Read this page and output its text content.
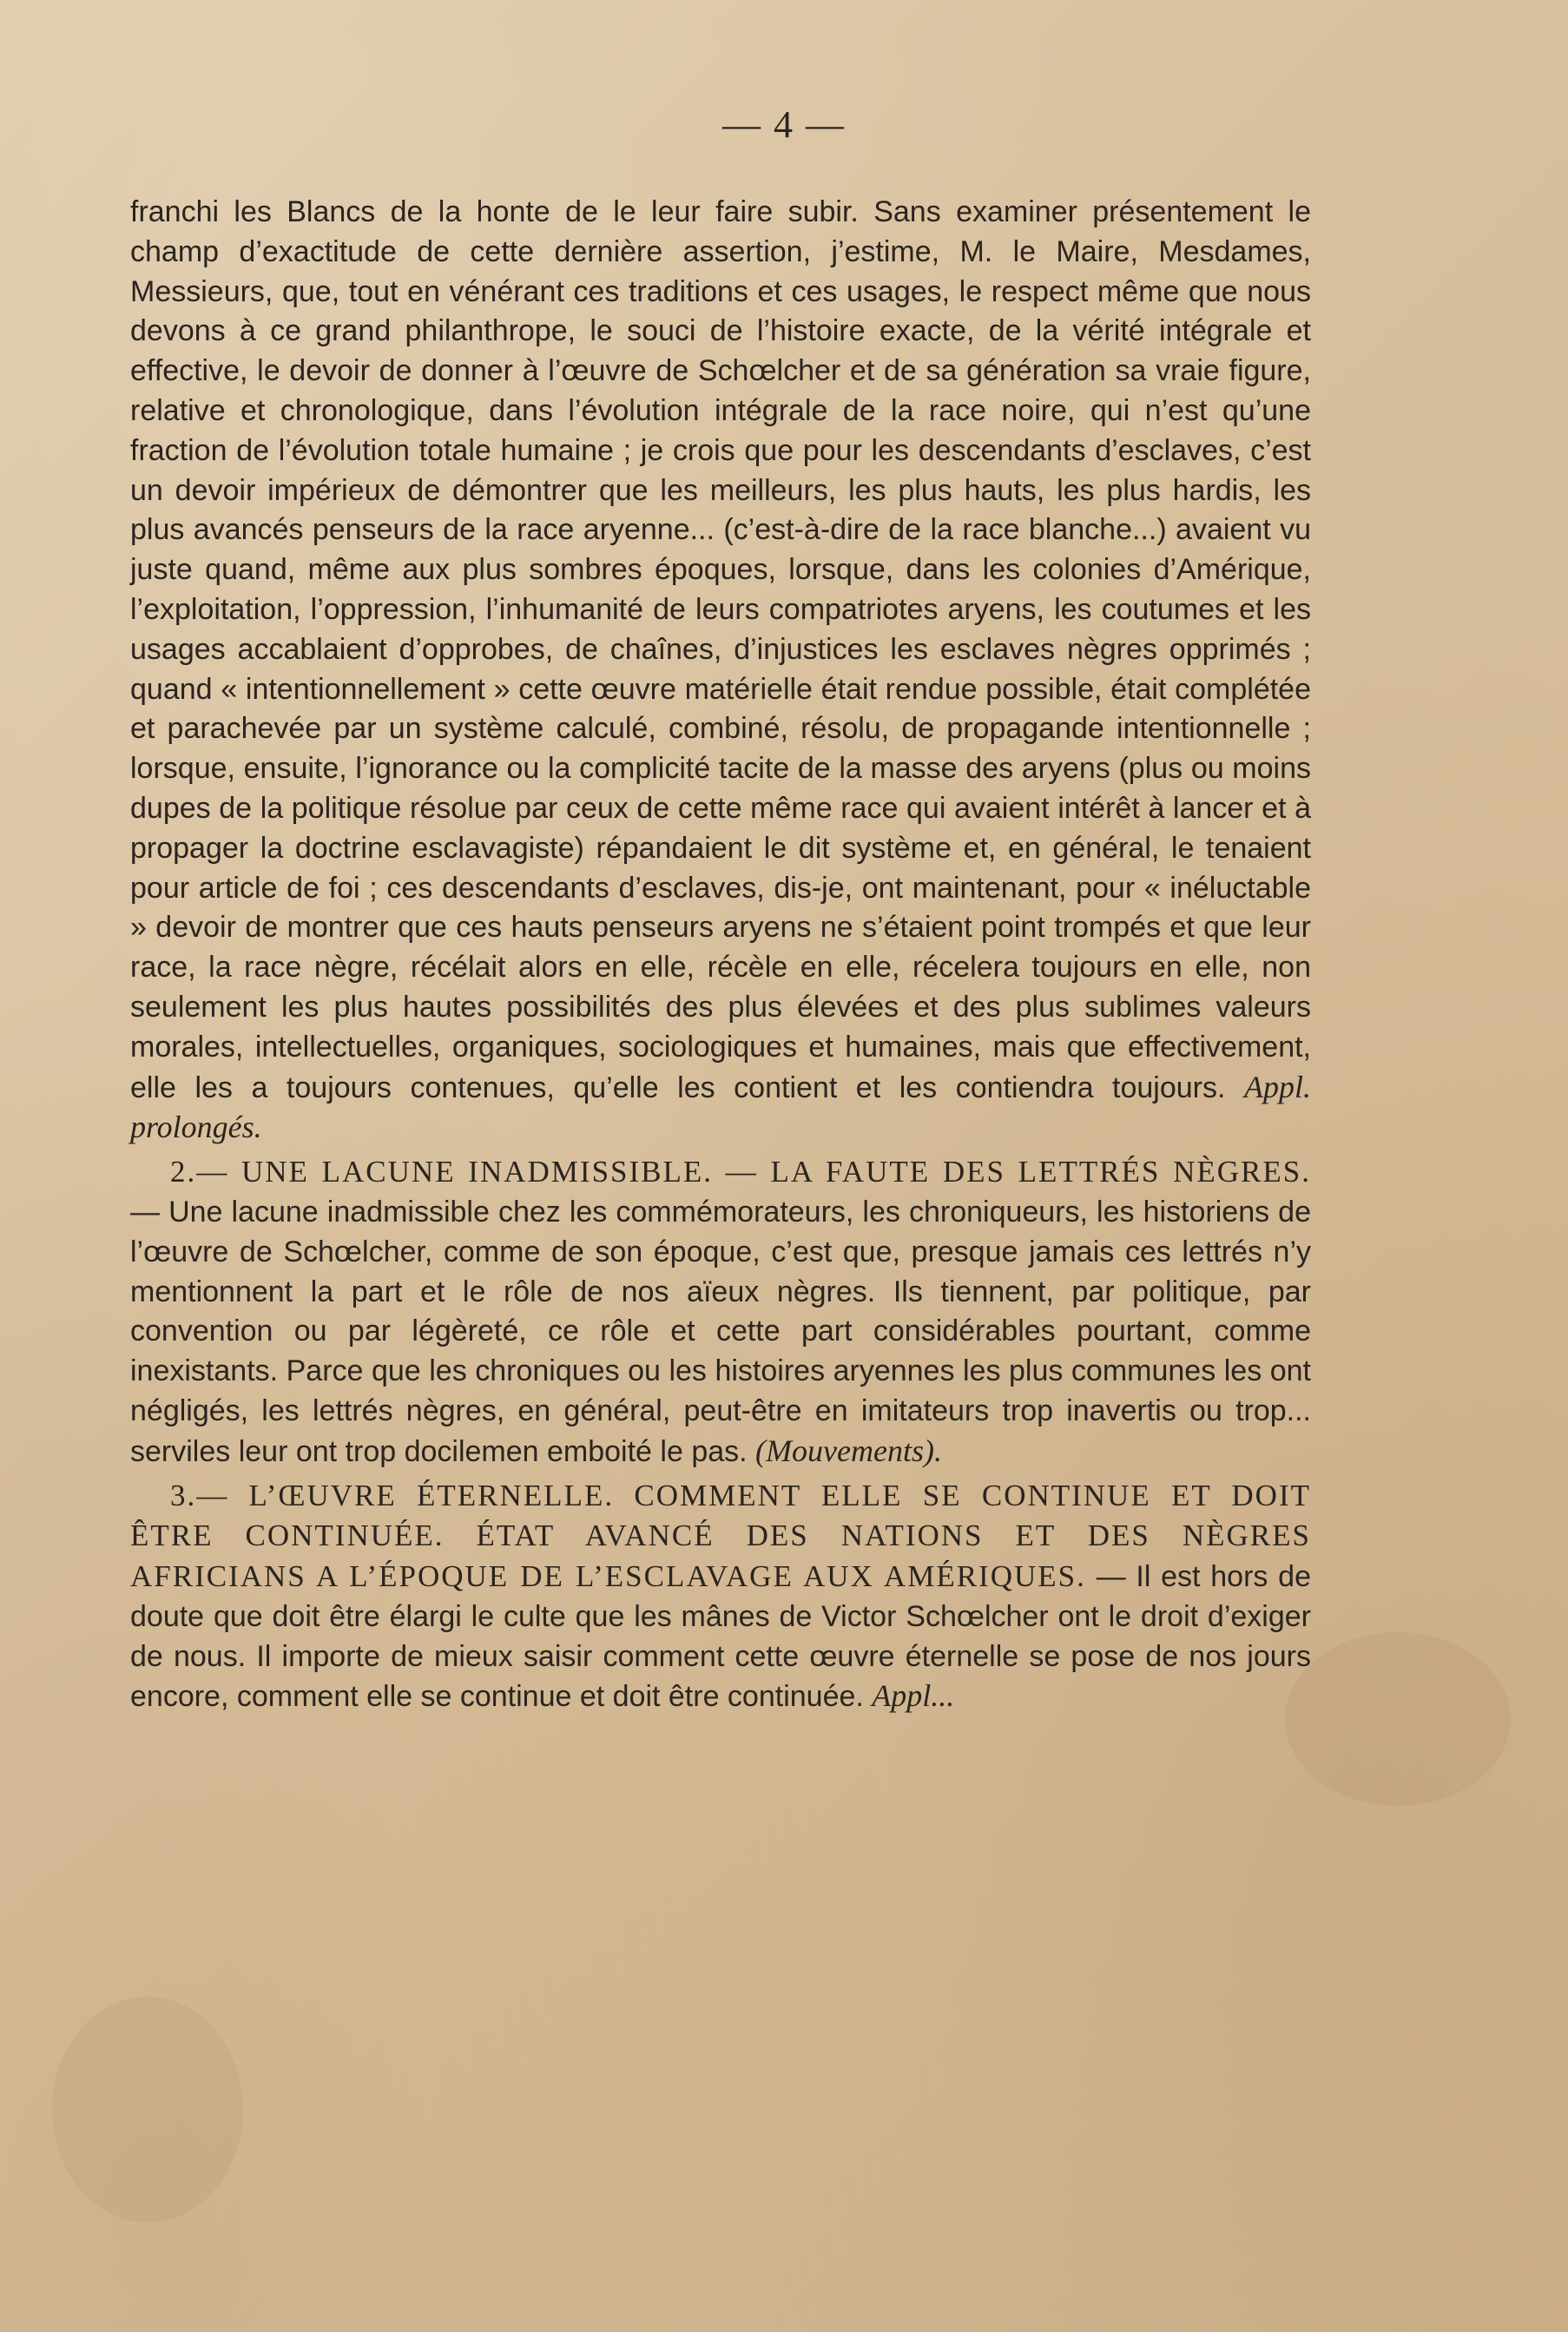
— 4 —

franchi les Blancs de la honte de le leur faire subir. Sans examiner présentement le champ d’exactitude de cette dernière assertion, j’estime, M. le Maire, Mesdames, Messieurs, que, tout en vénérant ces traditions et ces usages, le respect même que nous devons à ce grand philanthrope, le souci de l’histoire exacte, de la vérité intégrale et effective, le devoir de donner à l’œuvre de Schœlcher et de sa génération sa vraie figure, relative et chronologique, dans l’évolution intégrale de la race noire, qui n’est qu’une fraction de l’évolution totale humaine ; je crois que pour les descendants d’esclaves, c’est un devoir impérieux de démontrer que les meilleurs, les plus hauts, les plus hardis, les plus avancés penseurs de la race aryenne... (c’est-à-dire de la race blanche...) avaient vu juste quand, même aux plus sombres époques, lorsque, dans les colonies d’Amérique, l’exploitation, l’oppression, l’inhumanité de leurs compatriotes aryens, les coutumes et les usages accablaient d’opprobes, de chaînes, d’injustices les esclaves nègres opprimés ; quand « intentionnellement » cette œuvre matérielle était rendue possible, était complétée et parachevée par un système calculé, combiné, résolu, de propagande intentionnelle ; lorsque, ensuite, l’ignorance ou la complicité tacite de la masse des aryens (plus ou moins dupes de la politique résolue par ceux de cette même race qui avaient intérêt à lancer et à propager la doctrine esclavagiste) répandaient le dit système et, en général, le tenaient pour article de foi ; ces descendants d’esclaves, dis-je, ont maintenant, pour « inéluctable » devoir de montrer que ces hauts penseurs aryens ne s’étaient point trompés et que leur race, la race nègre, récélait alors en elle, récèle en elle, récelera toujours en elle, non seulement les plus hautes possibilités des plus élevées et des plus sublimes valeurs morales, intellectuelles, organiques, sociologiques et humaines, mais que effectivement, elle les a toujours contenues, qu’elle les contient et les contiendra toujours. Appl. prolongés.

2.— UNE LACUNE INADMISSIBLE. — LA FAUTE DES LETTRÉS NÈGRES. — Une lacune inadmissible chez les commémorateurs, les chroniqueurs, les historiens de l’œuvre de Schœlcher, comme de son époque, c’est que, presque jamais ces lettrés n’y mentionnent la part et le rôle de nos aïeux nègres. Ils tiennent, par politique, par convention ou par légèreté, ce rôle et cette part considérables pourtant, comme inexistants. Parce que les chroniques ou les histoires aryennes les plus communes les ont négligés, les lettrés nègres, en général, peut-être en imitateurs trop inavertis ou trop... serviles leur ont trop docilemen emboité le pas. (Mouvements).

3.— L’ŒUVRE ÉTERNELLE. COMMENT ELLE SE CONTINUE ET DOIT ÊTRE CONTINUÉE. ÉTAT AVANCÉ DES NATIONS ET DES NÈGRES AFRICIANS A L’ÉPOQUE DE L’ESCLAVAGE AUX AMÉRIQUES. — Il est hors de doute que doit être élargi le culte que les mânes de Victor Schœlcher ont le droit d’exiger de nous. Il importe de mieux saisir comment cette œuvre éternelle se pose de nos jours encore, comment elle se continue et doit être continuée. Appl...
